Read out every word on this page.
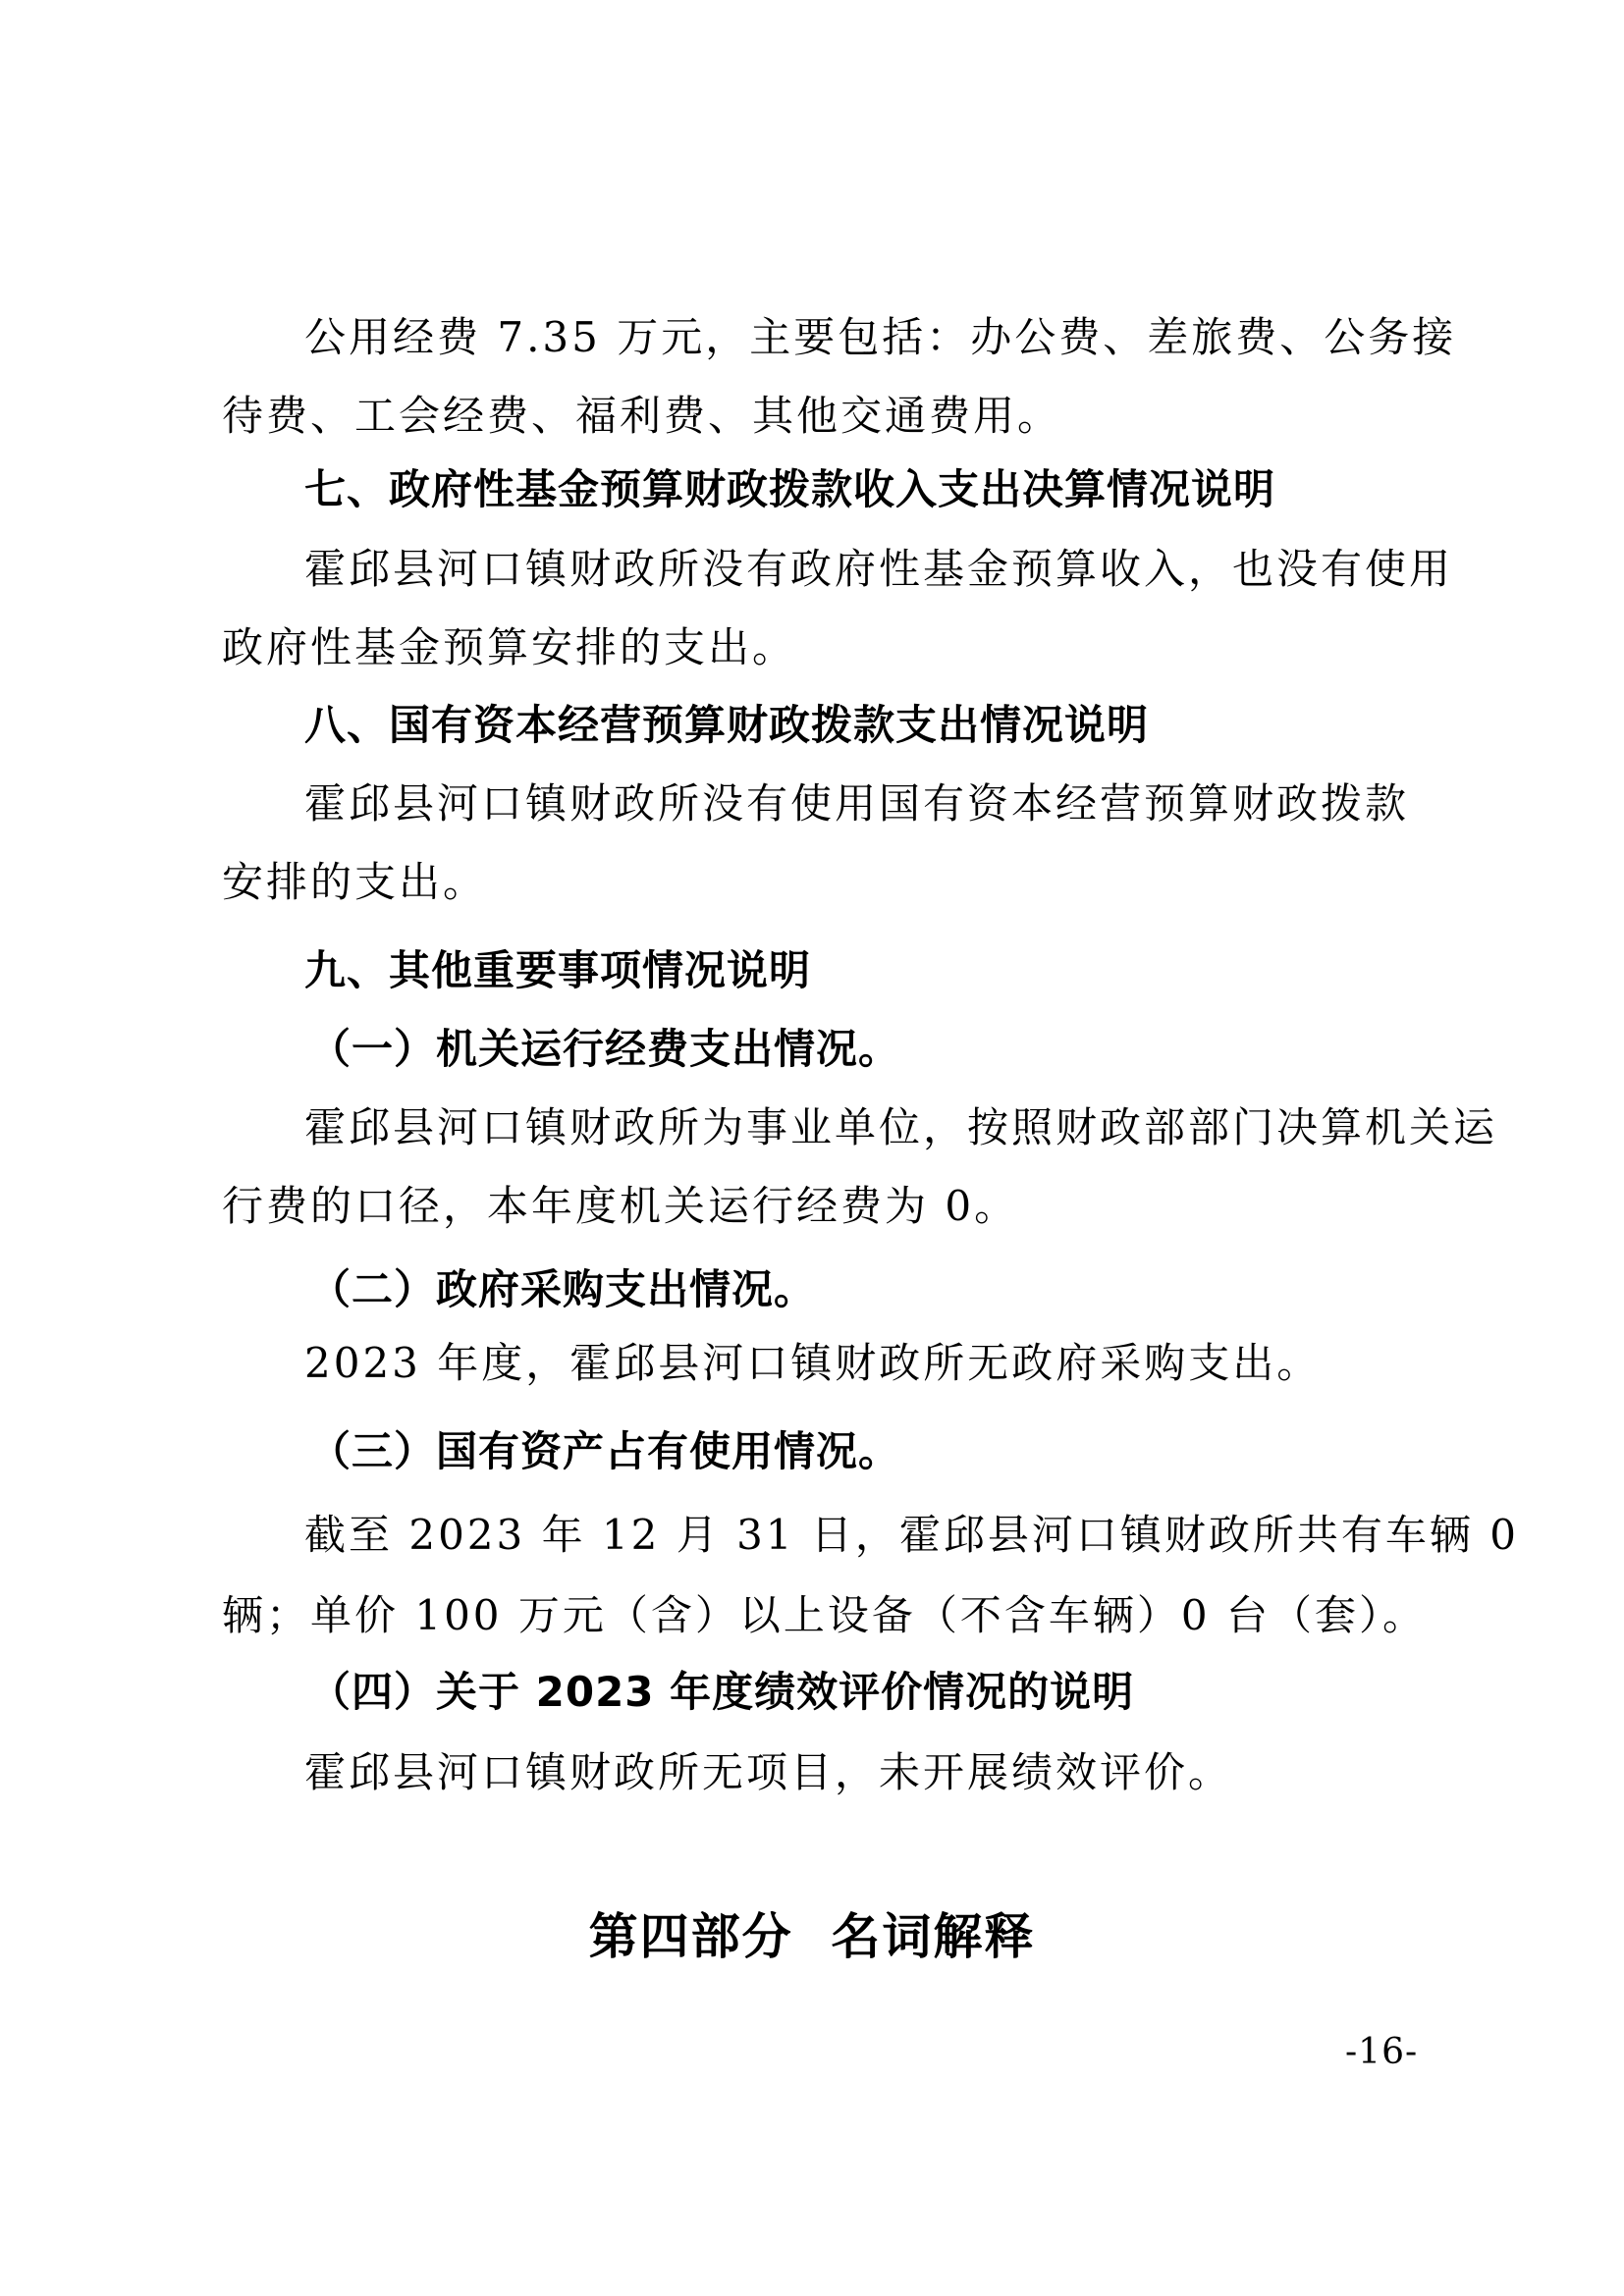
公用经费 7.35 万元，主要包括：办公费、差旅费、公务接
待费、工会经费、福利费、其他交通费用。
七、政府性基金预算财政拨款收入支出决算情况说明
霍邱县河口镇财政所没有政府性基金预算收入，也没有使用
政府性基金预算安排的支出。
八、国有资本经营预算财政拨款支出情况说明
霍邱县河口镇财政所没有使用国有资本经营预算财政拨款
安排的支出。
九、其他重要事项情况说明
（一）机关运行经费支出情况。
霍邱县河口镇财政所为事业单位，按照财政部部门决算机关运
行费的口径，本年度机关运行经费为 0。
（二）政府采购支出情况。
2023 年度，霍邱县河口镇财政所无政府采购支出。
（三）国有资产占有使用情况。
截至 2023 年 12 月 31 日，霍邱县河口镇财政所共有车辆 0
辆；单价 100 万元（含）以上设备（不含车辆）0 台（套）。
（四）关于 2023 年度绩效评价情况的说明
霍邱县河口镇财政所无项目，未开展绩效评价。
第四部分  名词解释
-16-
